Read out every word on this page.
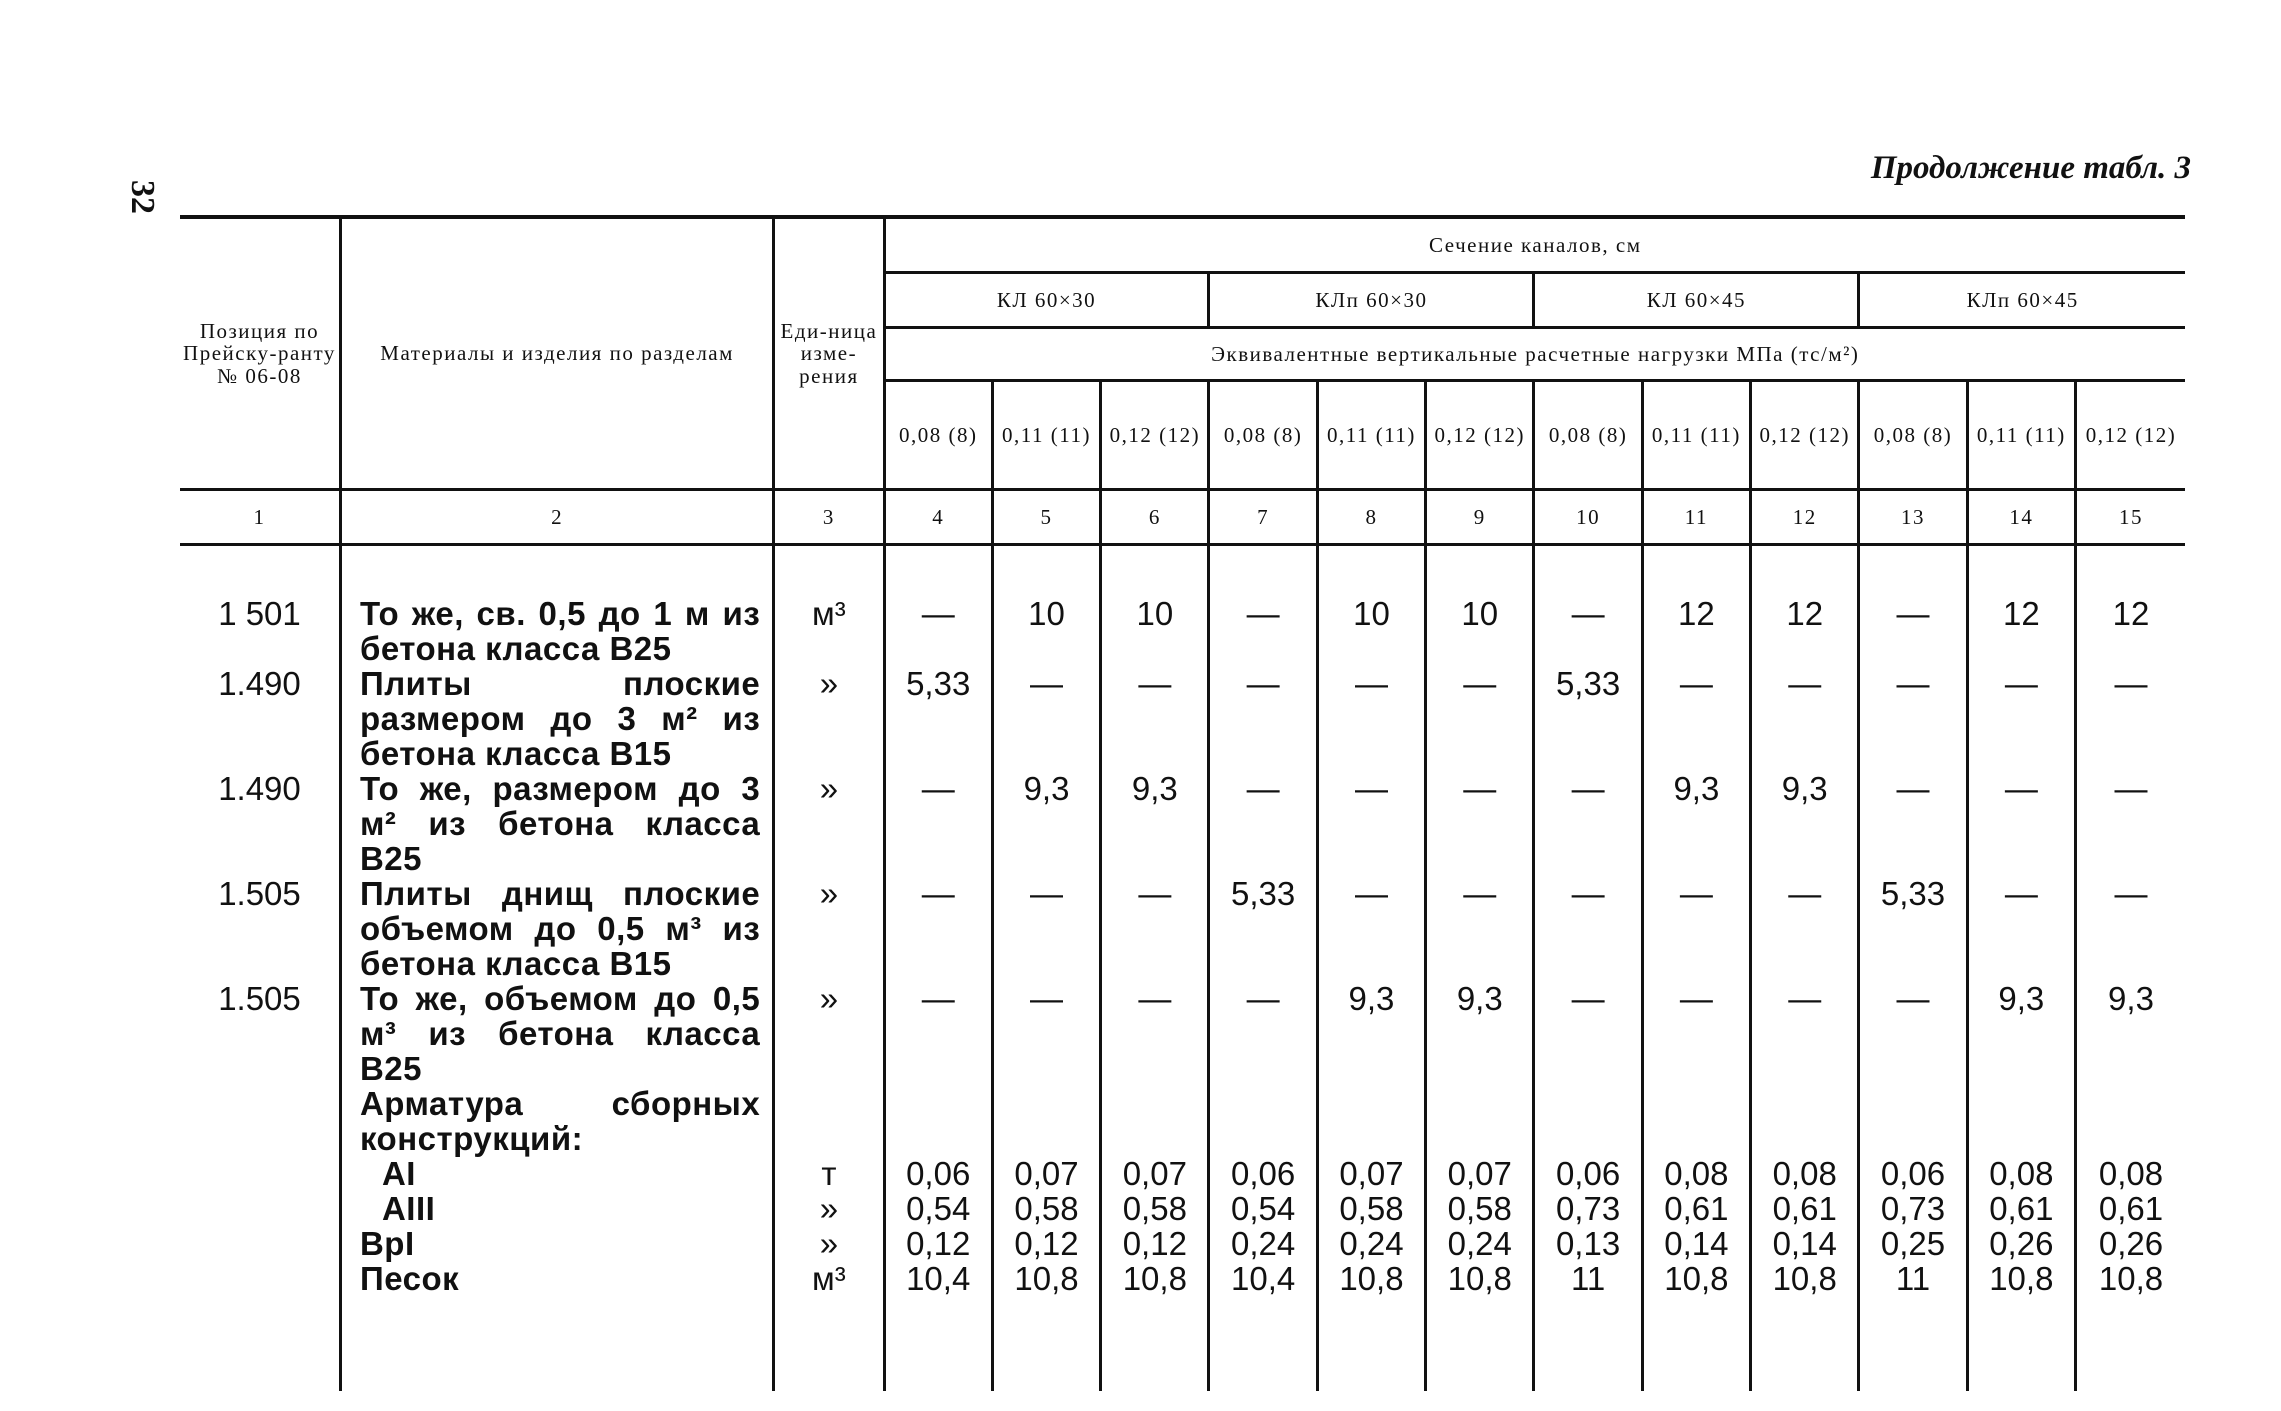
32
Продолжение табл. 3
Позиция по Прейску-ранту № 06-08	Материалы и изделия по разделам	Еди-ница изме-рения	Сечение каналов, см											
			КЛ 60×30			КЛп 60×30			КЛ 60×45			КЛп 60×45		
			Эквивалентные вертикальные расчетные нагрузки МПа (тс/м²)											
			0,08 (8)	0,11 (11)	0,12 (12)	0,08 (8)	0,11 (11)	0,12 (12)	0,08 (8)	0,11 (11)	0,12 (12)	0,08 (8)	0,11 (11)	0,12 (12)
1	2	3	4	5	6	7	8	9	10	11	12	13	14	15

1 501	То же, св. 0,5 до 1 м из бетона класса В25	м³	—	10	10	—	10	10	—	12	12	—	12	12
1.490	Плиты плоские размером до 3 м² из бетона класса В15	»	5,33	—	—	—	—	—	5,33	—	—	—	—	—
1.490	То же, размером до 3 м² из бетона класса В25	»	—	9,3	9,3	—	—	—	—	9,3	9,3	—	—	—
1.505	Плиты днищ плоские объемом до 0,5 м³ из бетона класса В15	»	—	—	—	5,33	—	—	—	—	—	5,33	—	—
1.505	То же, объемом до 0,5 м³ из бетона класса В25	»	—	—	—	—	9,3	9,3	—	—	—	—	9,3	9,3
	Арматура сборных конструкций:													
	AI	т	0,06	0,07	0,07	0,06	0,07	0,07	0,06	0,08	0,08	0,06	0,08	0,08
	AIII	»	0,54	0,58	0,58	0,54	0,58	0,58	0,73	0,61	0,61	0,73	0,61	0,61
	ВрI	»	0,12	0,12	0,12	0,24	0,24	0,24	0,13	0,14	0,14	0,25	0,26	0,26
	Песок	м³	10,4	10,8	10,8	10,4	10,8	10,8	11	10,8	10,8	11	10,8	10,8
